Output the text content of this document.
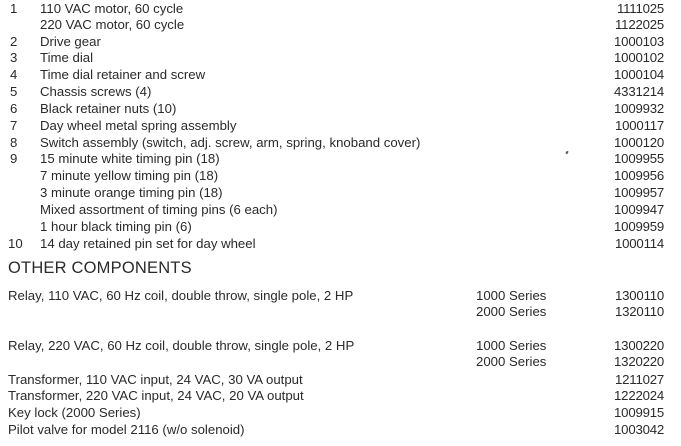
1	110 VAC motor, 60 cycle	1111025
220 VAC motor, 60 cycle	1122025
2	Drive gear	1000103
3	Time dial	1000102
4	Time dial retainer and screw	1000104
5	Chassis screws (4)	4331214
6	Black retainer nuts (10)	1009932
7	Day wheel metal spring assembly	1000117
8	Switch assembly (switch, adj. screw, arm, spring, knoband cover)	1000120
9	15 minute white timing pin (18)	1009955
7 minute yellow timing pin (18)	1009956
3 minute orange timing pin (18)	1009957
Mixed assortment of timing pins (6 each)	1009947
1 hour black timing pin (6)	1009959
10	14 day retained pin set for day wheel	1000114
OTHER COMPONENTS
Relay, 110 VAC, 60 Hz coil, double throw, single pole, 2 HP	1000 Series	1300110
2000 Series	1320110
Relay, 220 VAC, 60 Hz coil, double throw, single pole, 2 HP	1000 Series	1300220
2000 Series	1320220
Transformer, 110 VAC input, 24 VAC, 30 VA output	1211027
Transformer, 220 VAC input, 24 VAC, 20 VA output	1222024
Key lock (2000 Series)	1009915
Pilot valve for model 2116 (w/o solenoid)	1003042
